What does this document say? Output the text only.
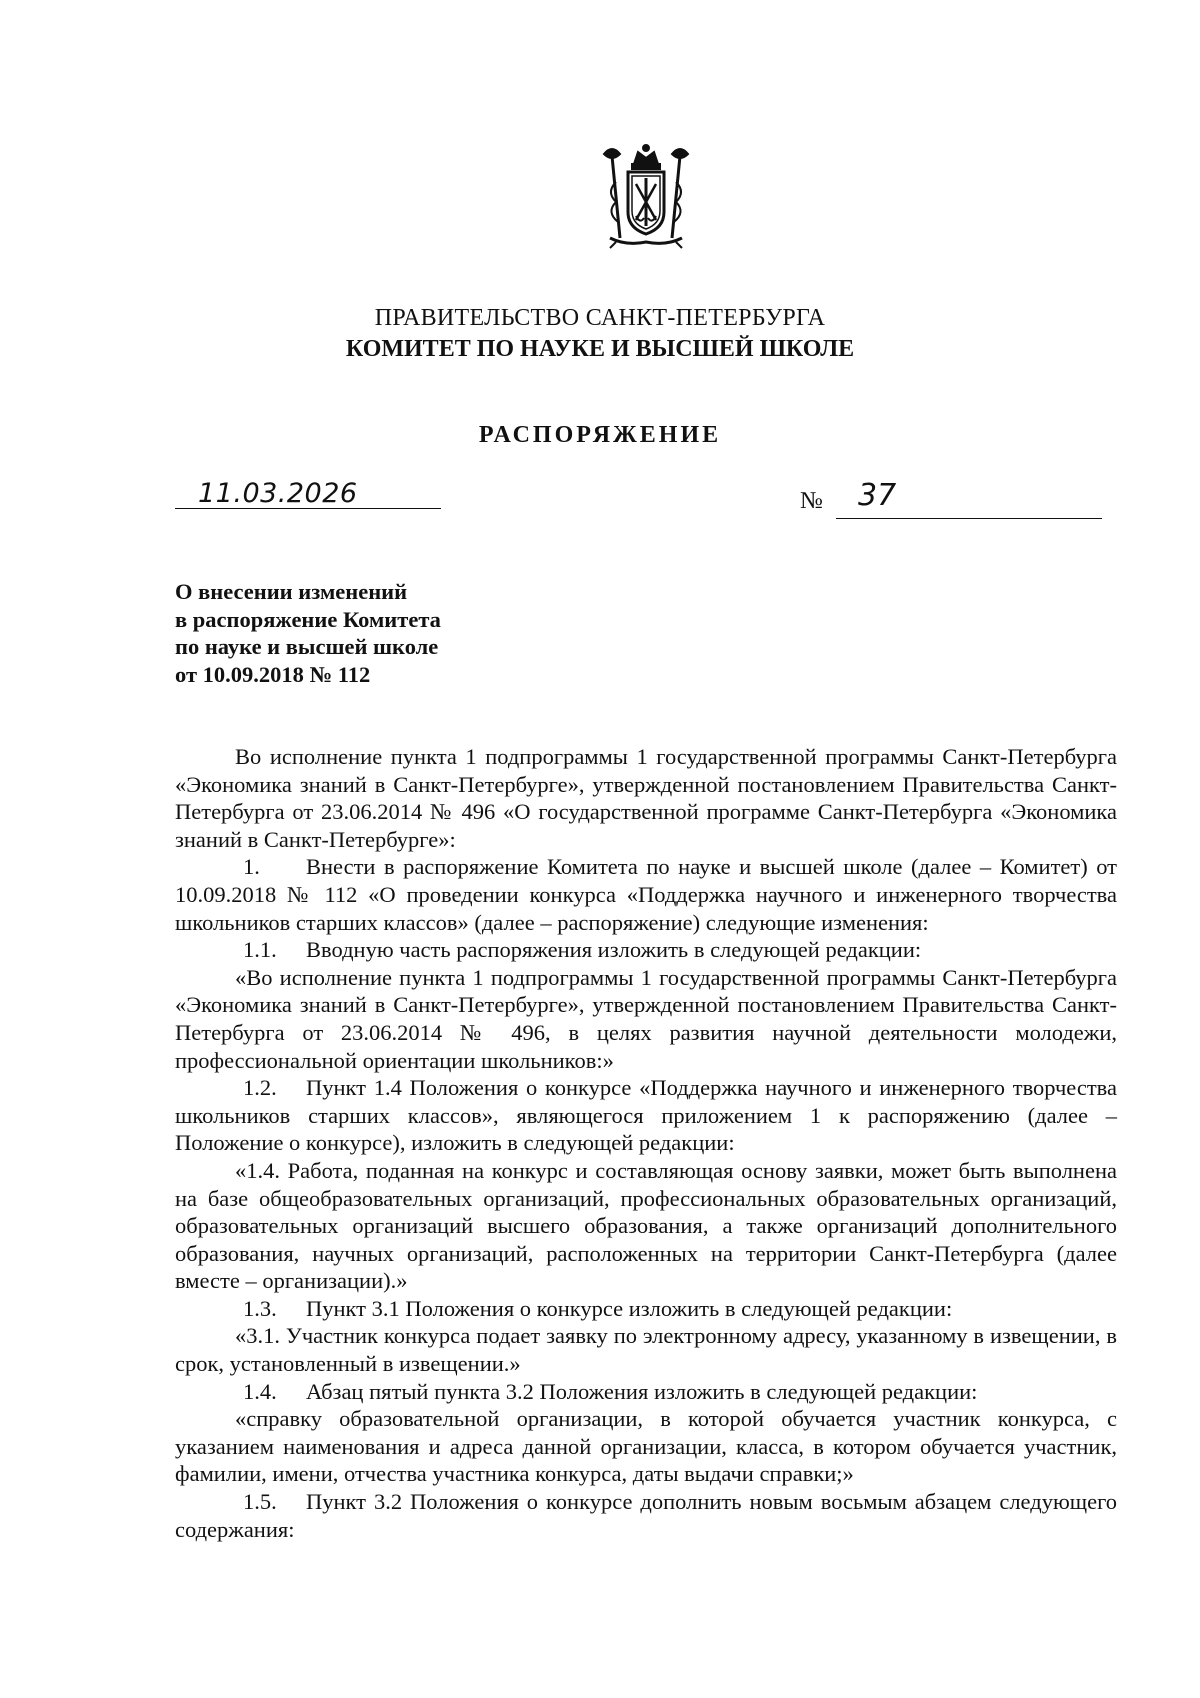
ПРАВИТЕЛЬСТВО САНКТ-ПЕТЕРБУРГА
КОМИТЕТ ПО НАУКЕ И ВЫСШЕЙ ШКОЛЕ
РАСПОРЯЖЕНИЕ
11.03.2026	№ 37
О внесении изменений
в распоряжение Комитета
по науке и высшей школе
от 10.09.2018 № 112

Во исполнение пункта 1 подпрограммы 1 государственной программы Санкт-Петербурга «Экономика знаний в Санкт-Петербурге», утвержденной постановлением Правительства Санкт-Петербурга от 23.06.2014 № 496 «О государственной программе Санкт-Петербурга «Экономика знаний в Санкт-Петербурге»:

1. Внести в распоряжение Комитета по науке и высшей школе (далее – Комитет) от 10.09.2018 № 112 «О проведении конкурса «Поддержка научного и инженерного творчества школьников старших классов» (далее – распоряжение) следующие изменения:

1.1. Вводную часть распоряжения изложить в следующей редакции:

«Во исполнение пункта 1 подпрограммы 1 государственной программы Санкт-Петербурга «Экономика знаний в Санкт-Петербурге», утвержденной постановлением Правительства Санкт-Петербурга от 23.06.2014 № 496, в целях развития научной деятельности молодежи, профессиональной ориентации школьников:»

1.2. Пункт 1.4 Положения о конкурсе «Поддержка научного и инженерного творчества школьников старших классов», являющегося приложением 1 к распоряжению (далее – Положение о конкурсе), изложить в следующей редакции:

«1.4. Работа, поданная на конкурс и составляющая основу заявки, может быть выполнена на базе общеобразовательных организаций, профессиональных образовательных организаций, образовательных организаций высшего образования, а также организаций дополнительного образования, научных организаций, расположенных на территории Санкт-Петербурга (далее вместе – организации).»

1.3. Пункт 3.1 Положения о конкурсе изложить в следующей редакции:

«3.1. Участник конкурса подает заявку по электронному адресу, указанному в извещении, в срок, установленный в извещении.»

1.4. Абзац пятый пункта 3.2 Положения изложить в следующей редакции:

«справку образовательной организации, в которой обучается участник конкурса, с указанием наименования и адреса данной организации, класса, в котором обучается участник, фамилии, имени, отчества участника конкурса, даты выдачи справки;»

1.5. Пункт 3.2 Положения о конкурсе дополнить новым восьмым абзацем следующего содержания:
